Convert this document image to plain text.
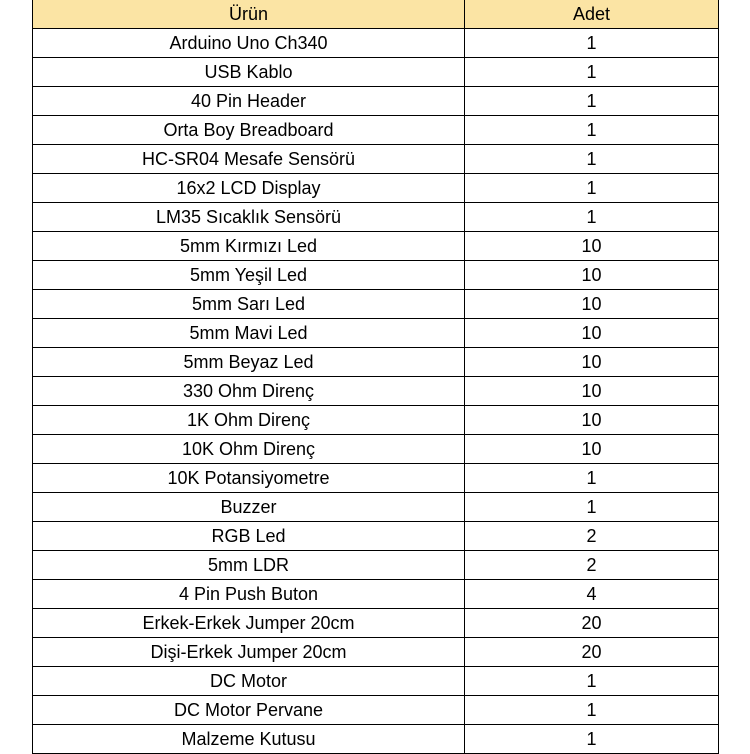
Ürün	Adet
Arduino Uno Ch340	1
USB Kablo	1
40 Pin Header	1
Orta Boy Breadboard	1
HC-SR04 Mesafe Sensörü	1
16x2 LCD Display	1
LM35 Sıcaklık Sensörü	1
5mm Kırmızı Led	10
5mm Yeşil Led	10
5mm Sarı Led	10
5mm Mavi Led	10
5mm Beyaz Led	10
330 Ohm Direnç	10
1K Ohm Direnç	10
10K Ohm Direnç	10
10K Potansiyometre	1
Buzzer	1
RGB Led	2
5mm LDR	2
4 Pin Push Buton	4
Erkek-Erkek Jumper 20cm	20
Dişi-Erkek Jumper 20cm	20
DC Motor	1
DC Motor Pervane	1
Malzeme Kutusu	1
